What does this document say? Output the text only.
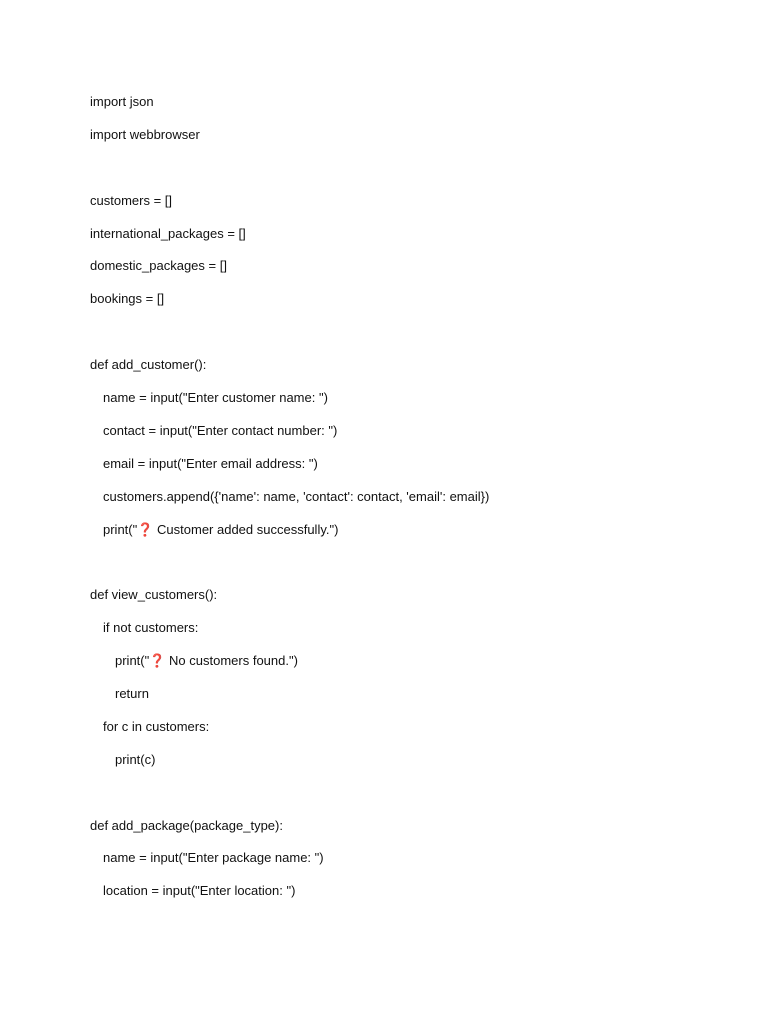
import json
import webbrowser
customers = []
international_packages = []
domestic_packages = []
bookings = []
def add_customer():
name = input("Enter customer name: ")
contact = input("Enter contact number: ")
email = input("Enter email address: ")
customers.append({'name': name, 'contact': contact, 'email': email})
print("❓ Customer added successfully.")
def view_customers():
if not customers:
print("❓ No customers found.")
return
for c in customers:
print(c)
def add_package(package_type):
name = input("Enter package name: ")
location = input("Enter location: ")
